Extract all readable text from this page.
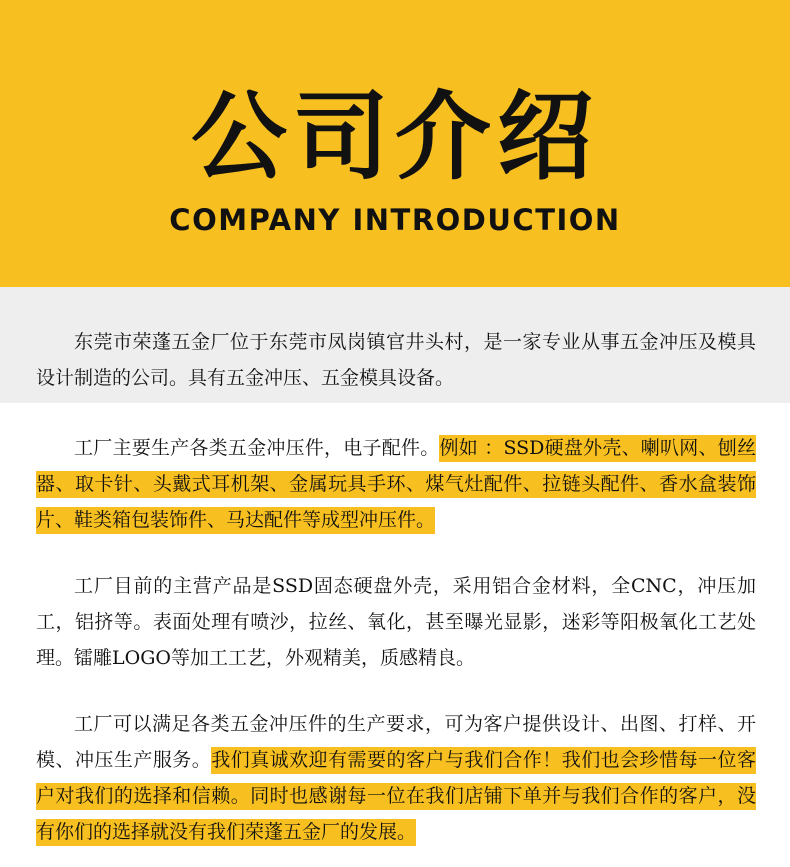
公司介绍
COMPANY INTRODUCTION

东莞市荣蓬五金厂位于东莞市凤岗镇官井头村，是一家专业从事五金冲压及模具设计制造的公司。具有五金冲压、五金模具设备。

工厂主要生产各类五金冲压件，电子配件。例如 ：SSD硬盘外壳、喇叭网、刨丝器、取卡针、头戴式耳机架、金属玩具手环、煤气灶配件、拉链头配件、香水盒装饰片、鞋类箱包装饰件、马达配件等成型冲压件。

工厂目前的主营产品是SSD固态硬盘外壳，采用铝合金材料，全CNC，冲压加工，铝挤等。表面处理有喷沙，拉丝、氧化，甚至曝光显影，迷彩等阳极氧化工艺处理。镭雕LOGO等加工工艺，外观精美，质感精良。

工厂可以满足各类五金冲压件的生产要求，可为客户提供设计、出图、打样、开模、冲压生产服务。我们真诚欢迎有需要的客户与我们合作！我们也会珍惜每一位客户对我们的选择和信赖。同时也感谢每一位在我们店铺下单并与我们合作的客户，没有你们的选择就没有我们荣蓬五金厂的发展。
